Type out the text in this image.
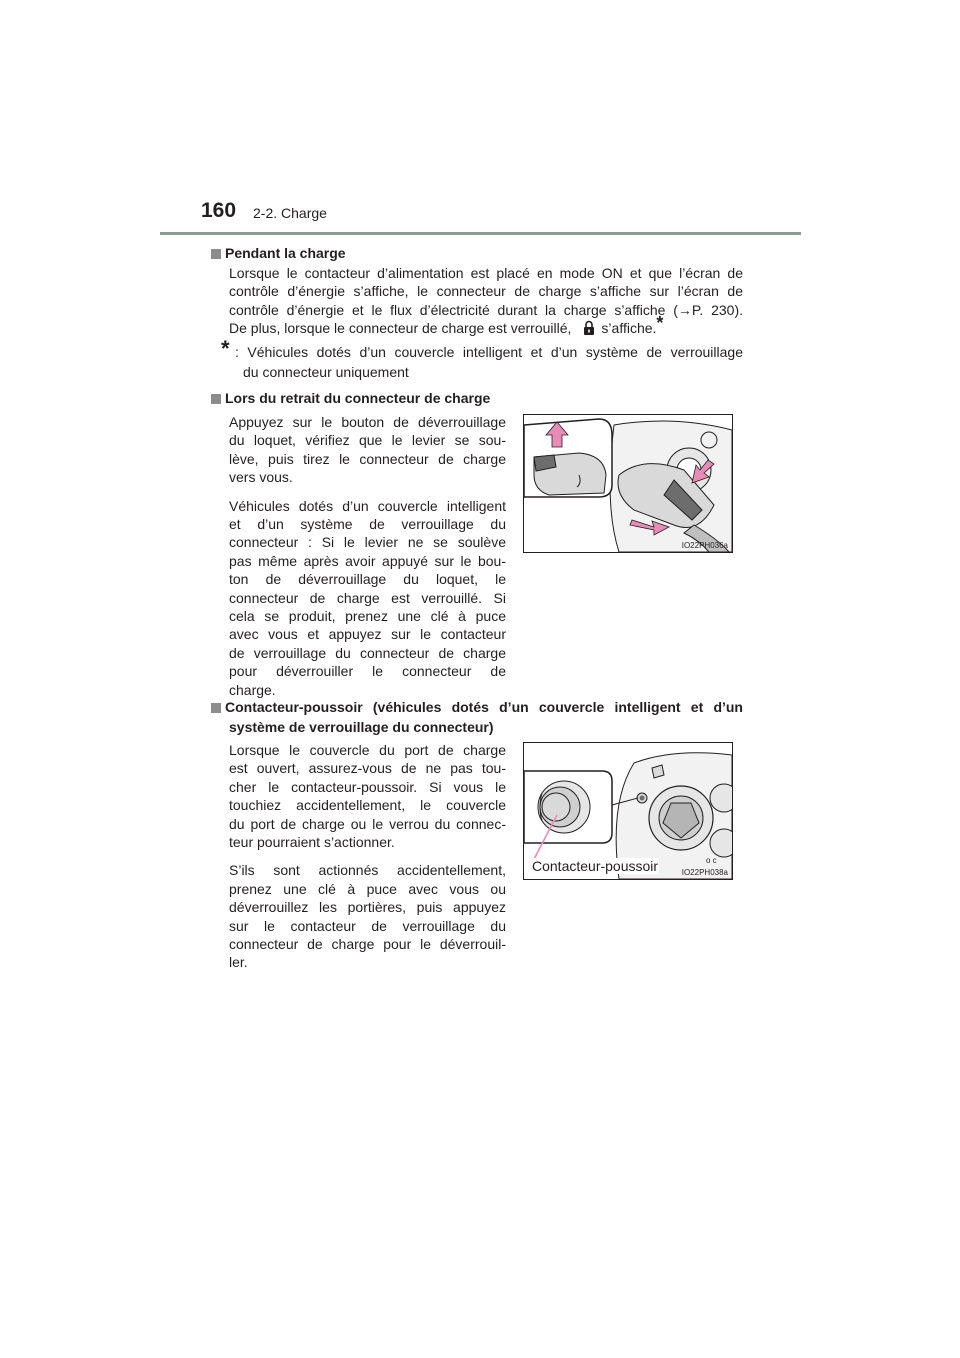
160 2-2. Charge
Pendant la charge

Lorsque le contacteur d’alimentation est placé en mode ON et que l’écran de

contrôle d’énergie s’affiche, le connecteur de charge s’affiche sur l’écran de

contrôle d’énergie et le flux d’électricité durant la charge s’affiche (→P. 230).

De plus, lorsque le connecteur de charge est verrouillé, s’affiche.*

* : Véhicules dotés d’un couvercle intelligent et d’un système de verrouillage
du connecteur uniquement
Lors du retrait du connecteur de charge

Appuyez sur le bouton de déverrouillage
du loquet, vérifiez que le levier se sou-
lève, puis tirez le connecteur de charge
vers vous.

Véhicules dotés d’un couvercle intelligent
et d’un système de verrouillage du
connecteur : Si le levier ne se soulève
pas même après avoir appuyé sur le bou-
ton de déverrouillage du loquet, le
connecteur de charge est verrouillé. Si
cela se produit, prenez une clé à puce
avec vous et appuyez sur le contacteur
de verrouillage du connecteur de charge
pour déverrouiller le connecteur de
charge.

IO22PH036a
Contacteur-poussoir (véhicules dotés d’un couvercle intelligent et d’un
système de verrouillage du connecteur)

Lorsque le couvercle du port de charge
est ouvert, assurez-vous de ne pas tou-
cher le contacteur-poussoir. Si vous le
touchiez accidentellement, le couvercle
du port de charge ou le verrou du connec-
teur pourraient s’actionner.

S’ils sont actionnés accidentellement,
prenez une clé à puce avec vous ou
déverrouillez les portières, puis appuyez
sur le contacteur de verrouillage du
connecteur de charge pour le déverrouil-
ler.

o c
IO22PH038a
Contacteur-poussoir
